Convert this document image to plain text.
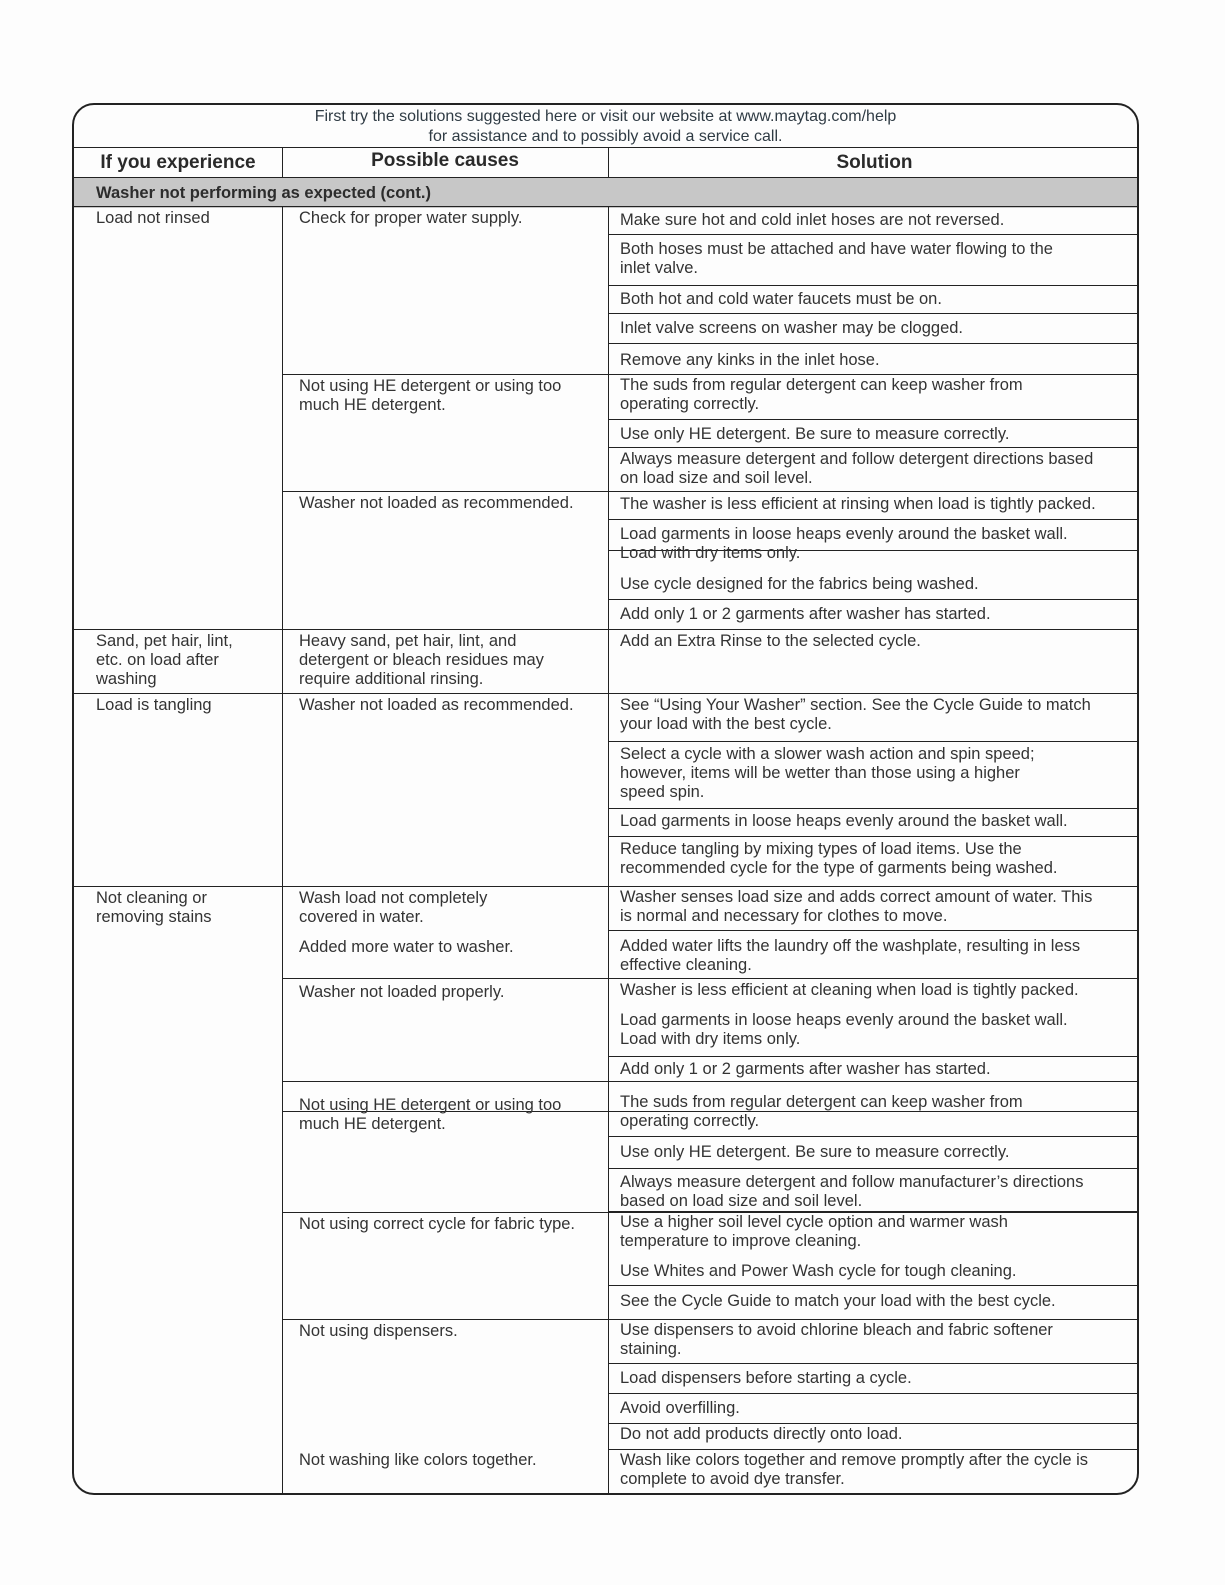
First try the solutions suggested here or visit our website at www.maytag.com/help
for assistance and to possibly avoid a service call.
If you experience	Possible causes	Solution
Washer not performing as expected (cont.)
Load not rinsed
Sand, pet hair, lint,
etc. on load after
washing
Load is tangling
Not cleaning or
removing stains
Check for proper water supply.
Not using HE detergent or using too
much HE detergent.
Washer not loaded as recommended.
Heavy sand, pet hair, lint, and
detergent or bleach residues may
require additional rinsing.
Washer not loaded as recommended.
Wash load not completely
covered in water.
Added more water to washer.
Washer not loaded properly.
Not using HE detergent or using too
much HE detergent.
Not using correct cycle for fabric type.
Not using dispensers.
Not washing like colors together.
Make sure hot and cold inlet hoses are not reversed.
Both hoses must be attached and have water flowing to the
inlet valve.
Both hot and cold water faucets must be on.
Inlet valve screens on washer may be clogged.
Remove any kinks in the inlet hose.
The suds from regular detergent can keep washer from
operating correctly.
Use only HE detergent. Be sure to measure correctly.
Always measure detergent and follow detergent directions based
on load size and soil level.
The washer is less efficient at rinsing when load is tightly packed.
Load garments in loose heaps evenly around the basket wall.
Load with dry items only.
Use cycle designed for the fabrics being washed.
Add only 1 or 2 garments after washer has started.
Add an Extra Rinse to the selected cycle.
See “Using Your Washer” section. See the Cycle Guide to match
your load with the best cycle.
Select a cycle with a slower wash action and spin speed;
however, items will be wetter than those using a higher
speed spin.
Load garments in loose heaps evenly around the basket wall.
Reduce tangling by mixing types of load items. Use the
recommended cycle for the type of garments being washed.
Washer senses load size and adds correct amount of water. This
is normal and necessary for clothes to move.
Added water lifts the laundry off the washplate, resulting in less
effective cleaning.
Washer is less efficient at cleaning when load is tightly packed.
Load garments in loose heaps evenly around the basket wall.
Load with dry items only.
Add only 1 or 2 garments after washer has started.
The suds from regular detergent can keep washer from
operating correctly.
Use only HE detergent. Be sure to measure correctly.
Always measure detergent and follow manufacturer’s directions
based on load size and soil level.
Use a higher soil level cycle option and warmer wash
temperature to improve cleaning.
Use Whites and Power Wash cycle for tough cleaning.
See the Cycle Guide to match your load with the best cycle.
Use dispensers to avoid chlorine bleach and fabric softener
staining.
Load dispensers before starting a cycle.
Avoid overfilling.
Do not add products directly onto load.
Wash like colors together and remove promptly after the cycle is
complete to avoid dye transfer.
